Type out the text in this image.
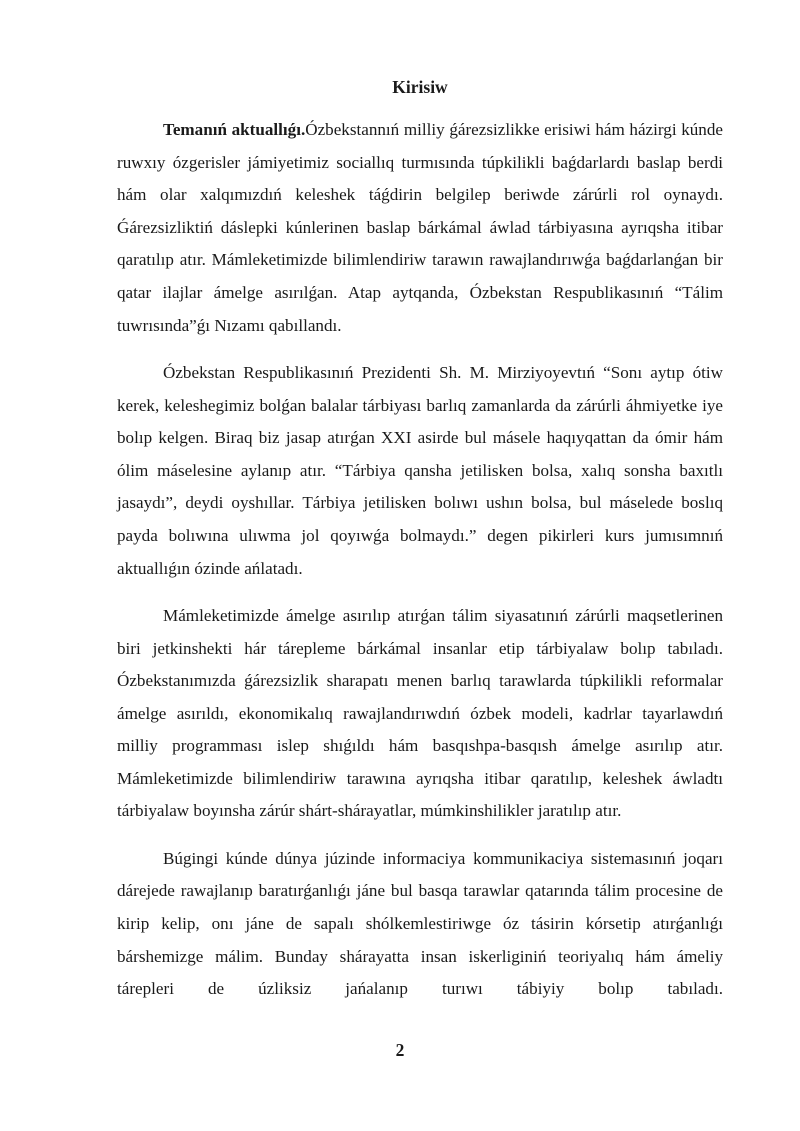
Kirisiw

Temanıń aktuallıǵı.Ózbekstannıń milliy ǵárezsizlikke erisiwi hám házirgi kúnde ruwxıy ózgerisler jámiyetimiz sociallıq turmısında túpkilikli baǵdarlardı baslap berdi hám olar xalqımızdıń keleshek táǵdirin belgilep beriwde zárúrli rol oynaydı. Ǵárezsizliktiń dáslepki kúnlerinen baslap bárkámal áwlad tárbiyasına ayrıqsha itibar qaratılıp atır. Mámleketimizde bilimlendiriw tarawın rawajlandırıwǵa baǵdarlanǵan bir qatar ilajlar ámelge asırılǵan. Atap aytqanda, Ózbekstan Respublikasınıń “Tálim tuwrısında”ǵı Nızamı qabıllandı.

Ózbekstan Respublikasınıń Prezidenti Sh. M. Mirziyoyevtıń “Sonı aytıp ótiw kerek, keleshegimiz bolǵan balalar tárbiyası barlıq zamanlarda da zárúrli áhmiyetke iye bolıp kelgen. Biraq biz jasap atırǵan XXI asirde bul másele haqıyqattan da ómir hám ólim máselesine aylanıp atır. “Tárbiya qansha jetilisken bolsa, xalıq sonsha baxıtlı jasaydı”, deydi oyshıllar. Tárbiya jetilisken bolıwı ushın bolsa, bul máselede boslıq payda bolıwına ulıwma jol qoyıwǵa bolmaydı.” degen pikirleri kurs jumısımnıń aktuallıǵın ózinde ańlatadı.

Mámleketimizde ámelge asırılıp atırǵan tálim siyasatınıń zárúrli maqsetlerinen biri jetkinshekti hár tárepleme bárkámal insanlar etip tárbiyalaw bolıp tabıladı. Ózbekstanımızda ǵárezsizlik sharapatı menen barlıq tarawlarda túpkilikli reformalar ámelge asırıldı, ekonomikalıq rawajlandırıwdıń ózbek modeli, kadrlar tayarlawdıń milliy programması islep shıǵıldı hám basqıshpa-basqısh ámelge asırılıp atır. Mámleketimizde bilimlendiriw tarawına ayrıqsha itibar qaratılıp, keleshek áwladtı tárbiyalaw boyınsha zárúr shárt-shárayatlar, múmkinshilikler jaratılıp atır.

Búgingi kúnde dúnya júzinde informaciya kommunikaciya sistemasınıń joqarı dárejede rawajlanıp baratırǵanlıǵı jáne bul basqa tarawlar qatarında tálim procesine de kirip kelip, onı jáne de sapalı shólkemlestiriwge óz tásirin kórsetip atırǵanlıǵı bárshemizge málim. Bunday shárayatta insan iskerliginiń teoriyalıq hám ámeliy tárepleri de úzliksiz jańalanıp turıwı tábiyiy bolıp tabıladı.

2
